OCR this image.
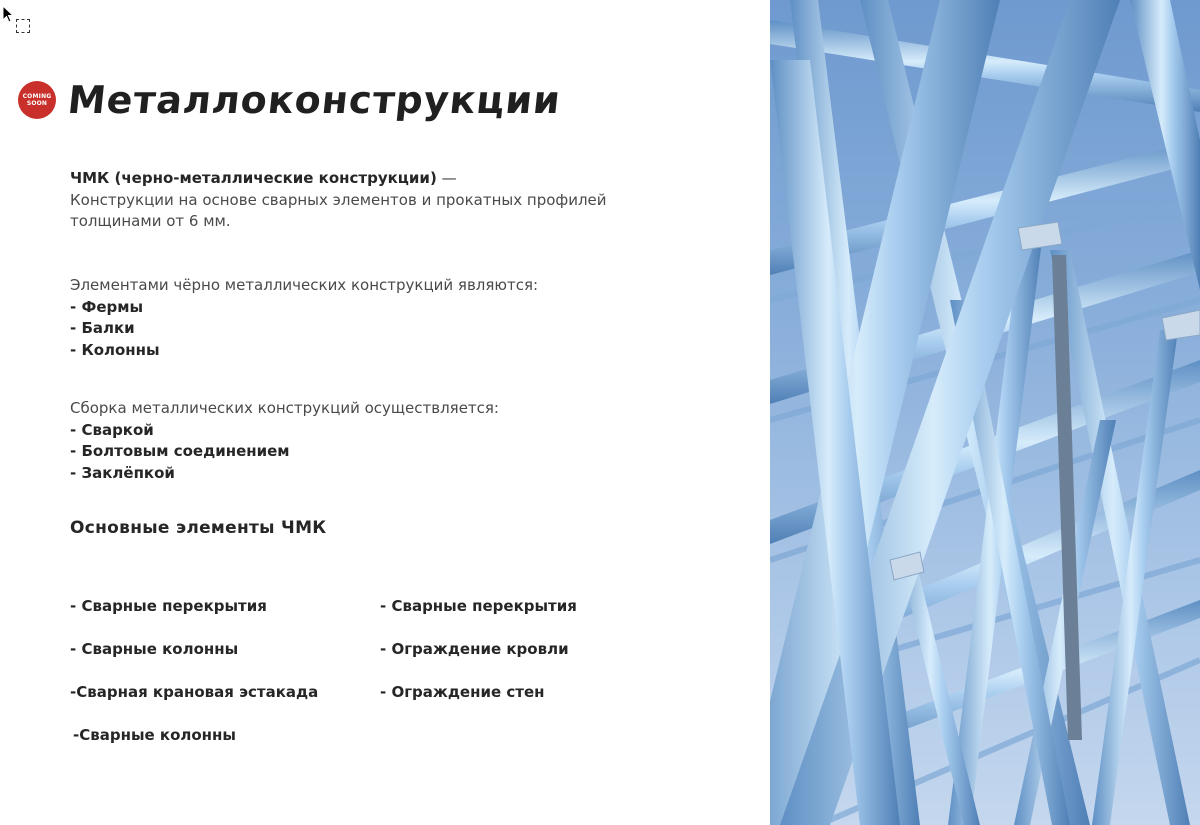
COMING
SOON Металлоконструкции
ЧМК (черно-металлические конструкции) —
Конструкции на основе сварных элементов и прокатных профилей
толщинами от 6 мм.
Элементами чёрно металлических конструкций являются:
- Фермы
- Балки
- Колонны
Сборка металлических конструкций осуществляется:
- Сваркой
- Болтовым соединением
- Заклёпкой
Основные элементы ЧМК
- Сварные перекрытия
- Сварные колонны
-Сварная крановая эстакада
-Сварные колонны
- Сварные перекрытия
- Ограждение кровли
- Ограждение стен
